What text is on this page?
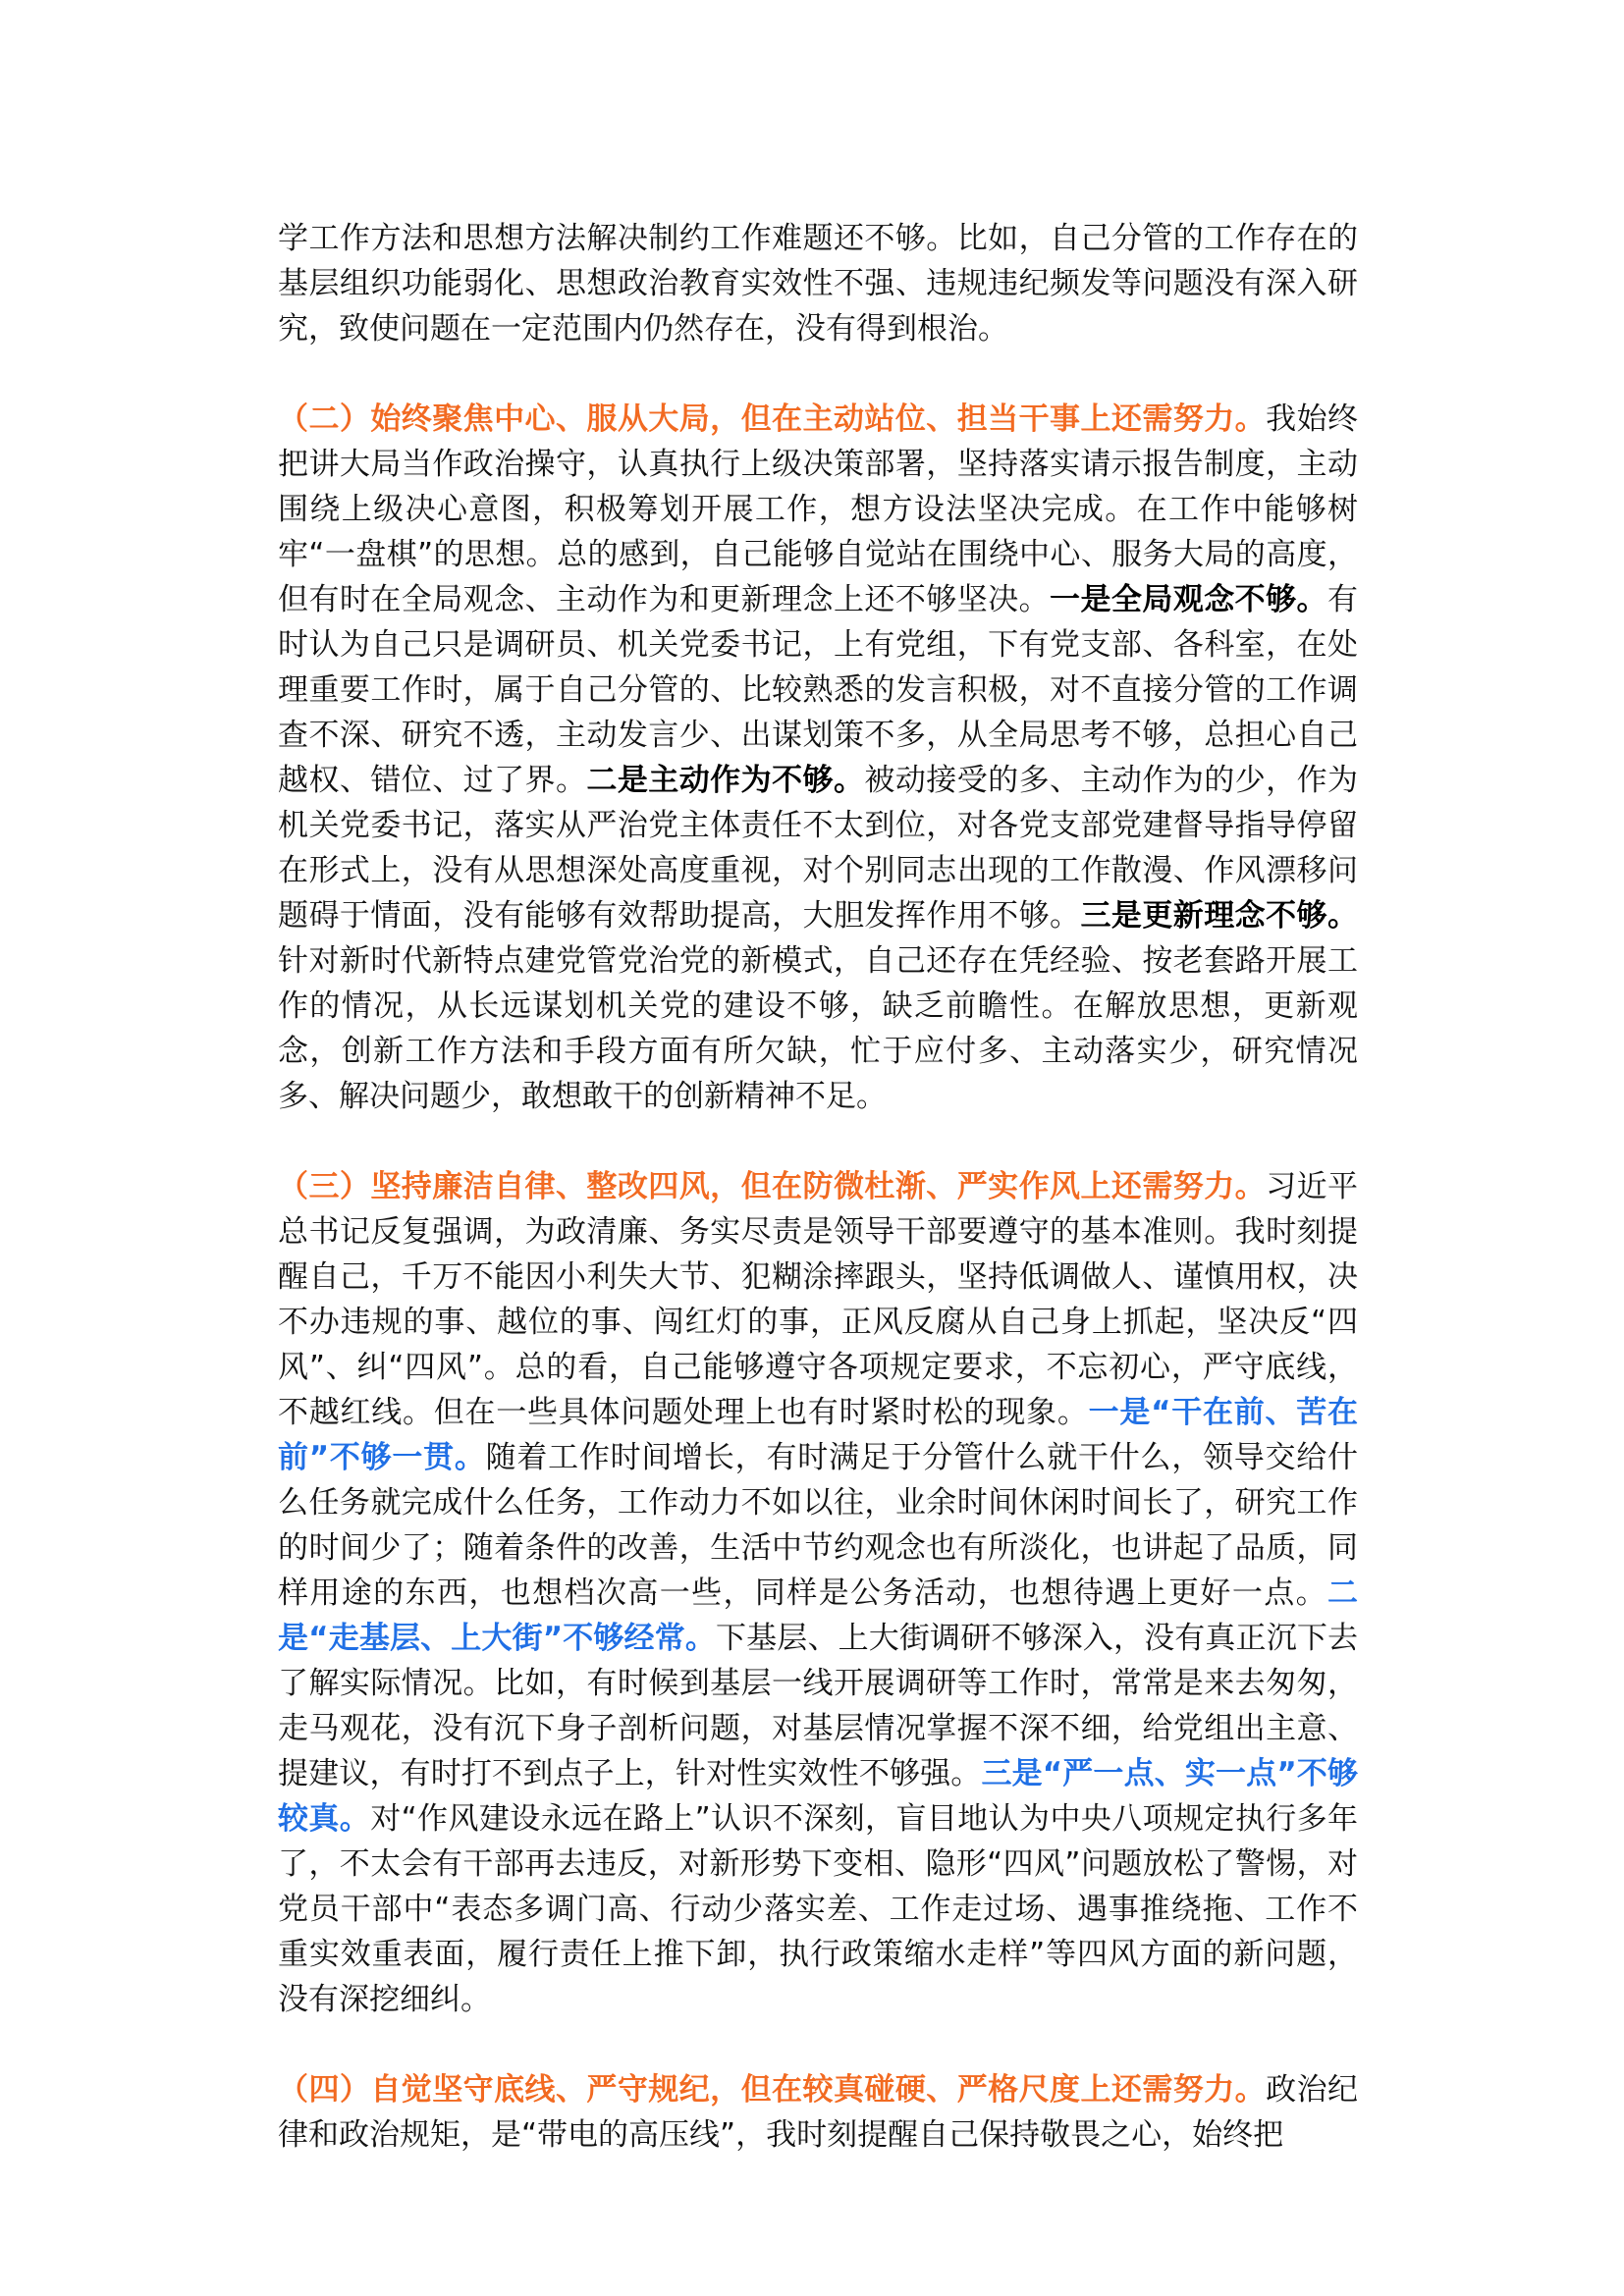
学工作方法和思想方法解决制约工作难题还不够。比如，自己分管的工作存在的基层组织功能弱化、思想政治教育实效性不强、违规违纪频发等问题没有深入研究，致使问题在一定范围内仍然存在，没有得到根治。

（二）始终聚焦中心、服从大局，但在主动站位、担当干事上还需努力。我始终把讲大局当作政治操守，认真执行上级决策部署，坚持落实请示报告制度，主动围绕上级决心意图，积极筹划开展工作，想方设法坚决完成。在工作中能够树牢“一盘棋”的思想。总的感到，自己能够自觉站在围绕中心、服务大局的高度，但有时在全局观念、主动作为和更新理念上还不够坚决。一是全局观念不够。有时认为自己只是调研员、机关党委书记，上有党组，下有党支部、各科室，在处理重要工作时，属于自己分管的、比较熟悉的发言积极，对不直接分管的工作调查不深、研究不透，主动发言少、出谋划策不多，从全局思考不够，总担心自己越权、错位、过了界。二是主动作为不够。被动接受的多、主动作为的少，作为机关党委书记，落实从严治党主体责任不太到位，对各党支部党建督导指导停留在形式上，没有从思想深处高度重视，对个别同志出现的工作散漫、作风漂移问题碍于情面，没有能够有效帮助提高，大胆发挥作用不够。三是更新理念不够。针对新时代新特点建党管党治党的新模式，自己还存在凭经验、按老套路开展工作的情况，从长远谋划机关党的建设不够，缺乏前瞻性。在解放思想，更新观念，创新工作方法和手段方面有所欠缺，忙于应付多、主动落实少，研究情况多、解决问题少，敢想敢干的创新精神不足。

（三）坚持廉洁自律、整改四风，但在防微杜渐、严实作风上还需努力。习近平总书记反复强调，为政清廉、务实尽责是领导干部要遵守的基本准则。我时刻提醒自己，千万不能因小利失大节、犯糊涂摔跟头，坚持低调做人、谨慎用权，决不办违规的事、越位的事、闯红灯的事，正风反腐从自己身上抓起，坚决反“四风”、纠“四风”。总的看，自己能够遵守各项规定要求，不忘初心，严守底线，不越红线。但在一些具体问题处理上也有时紧时松的现象。一是“干在前、苦在前”不够一贯。随着工作时间增长，有时满足于分管什么就干什么，领导交给什么任务就完成什么任务，工作动力不如以往，业余时间休闲时间长了，研究工作的时间少了；随着条件的改善，生活中节约观念也有所淡化，也讲起了品质，同样用途的东西，也想档次高一些，同样是公务活动，也想待遇上更好一点。二是“走基层、上大街”不够经常。下基层、上大街调研不够深入，没有真正沉下去了解实际情况。比如，有时候到基层一线开展调研等工作时，常常是来去匆匆，走马观花，没有沉下身子剖析问题，对基层情况掌握不深不细，给党组出主意、提建议，有时打不到点子上，针对性实效性不够强。三是“严一点、实一点”不够较真。对“作风建设永远在路上”认识不深刻，盲目地认为中央八项规定执行多年了，不太会有干部再去违反，对新形势下变相、隐形“四风”问题放松了警惕，对党员干部中“表态多调门高、行动少落实差、工作走过场、遇事推绕拖、工作不重实效重表面，履行责任上推下卸，执行政策缩水走样”等四风方面的新问题，没有深挖细纠。

（四）自觉坚守底线、严守规纪，但在较真碰硬、严格尺度上还需努力。政治纪律和政治规矩，是“带电的高压线”，我时刻提醒自己保持敬畏之心，始终把
